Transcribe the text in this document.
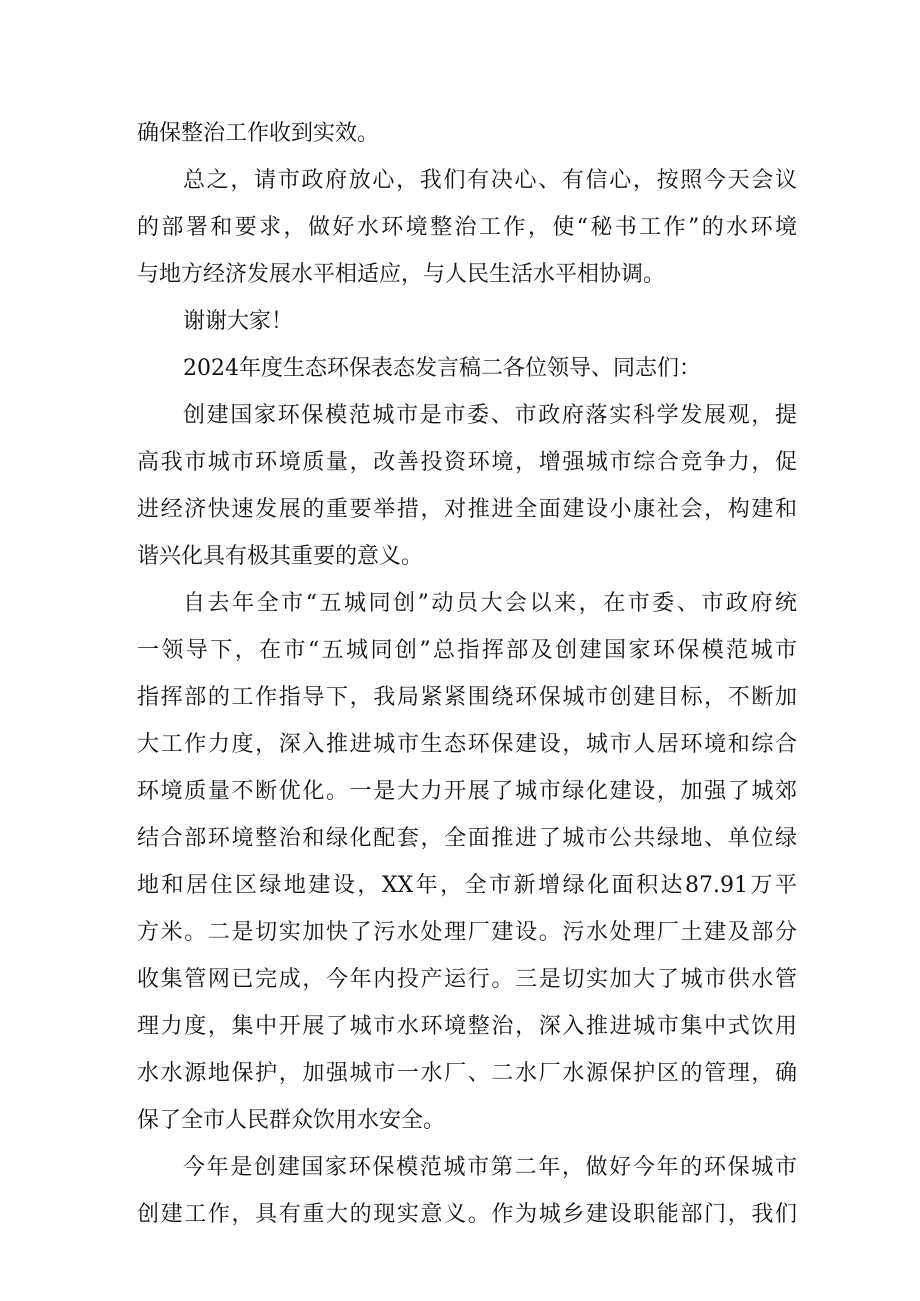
确保整治工作收到实效。
总之，请市政府放心，我们有决心、有信心，按照今天会议
的部署和要求，做好水环境整治工作，使“秘书工作”的水环境
与地方经济发展水平相适应，与人民生活水平相协调。
谢谢大家！
2024年度生态环保表态发言稿二各位领导、同志们：
创建国家环保模范城市是市委、市政府落实科学发展观，提
高我市城市环境质量，改善投资环境，增强城市综合竞争力，促
进经济快速发展的重要举措，对推进全面建设小康社会，构建和
谐兴化具有极其重要的意义。
自去年全市“五城同创”动员大会以来，在市委、市政府统
一领导下，在市“五城同创”总指挥部及创建国家环保模范城市
指挥部的工作指导下，我局紧紧围绕环保城市创建目标，不断加
大工作力度，深入推进城市生态环保建设，城市人居环境和综合
环境质量不断优化。一是大力开展了城市绿化建设，加强了城郊
结合部环境整治和绿化配套，全面推进了城市公共绿地、单位绿
地和居住区绿地建设，XX年，全市新增绿化面积达87.91万平
方米。二是切实加快了污水处理厂建设。污水处理厂土建及部分
收集管网已完成，今年内投产运行。三是切实加大了城市供水管
理力度，集中开展了城市水环境整治，深入推进城市集中式饮用
水水源地保护，加强城市一水厂、二水厂水源保护区的管理，确
保了全市人民群众饮用水安全。
今年是创建国家环保模范城市第二年，做好今年的环保城市
创建工作，具有重大的现实意义。作为城乡建设职能部门，我们
